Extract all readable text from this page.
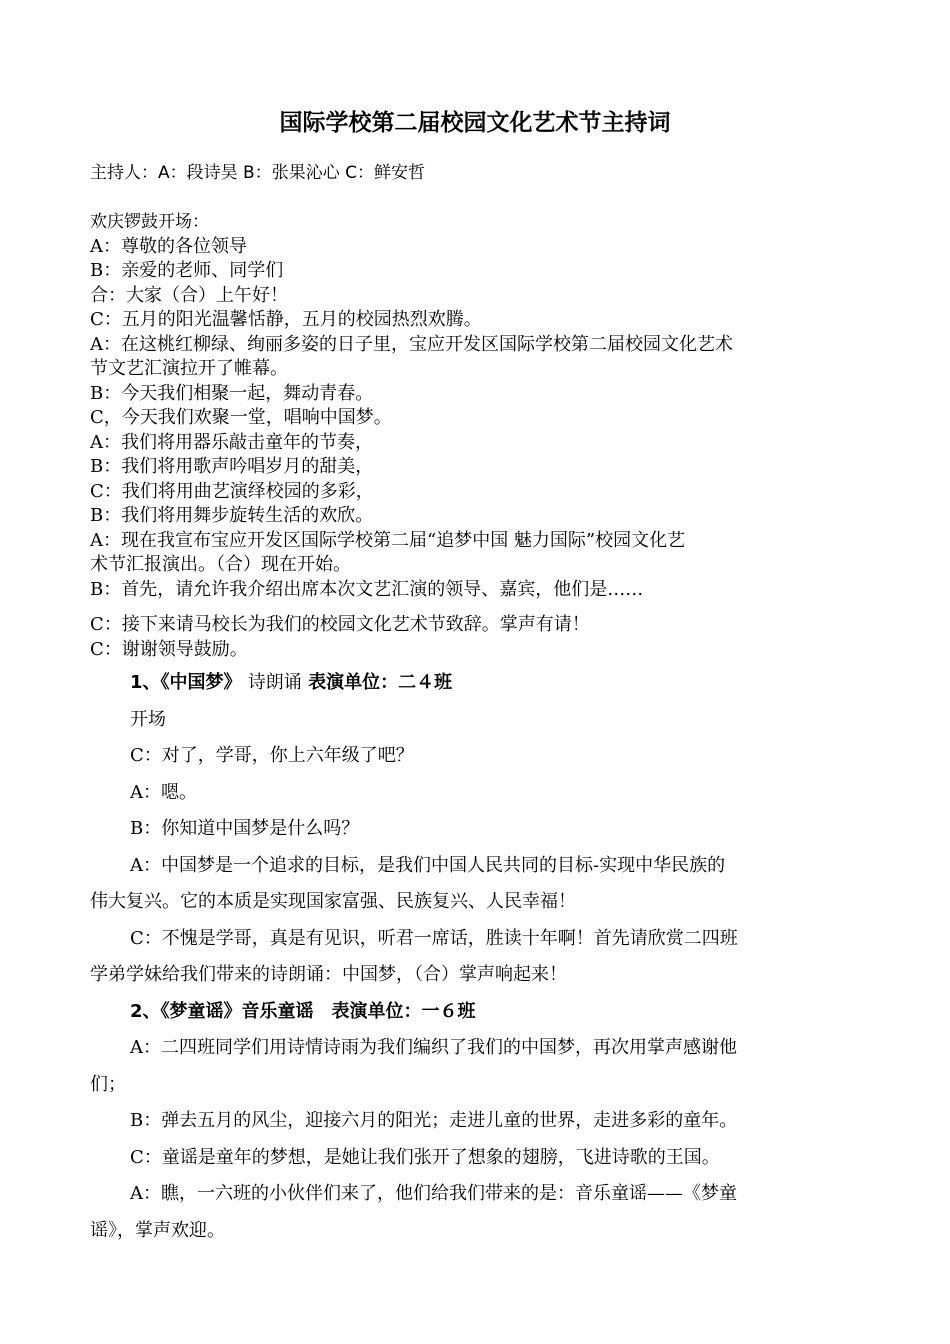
国际学校第二届校园文化艺术节主持词
主持人：A：段诗昊 B：张果沁心 C：鲜安哲
欢庆锣鼓开场：
A：尊敬的各位领导
B：亲爱的老师、同学们
合：大家（合）上午好！
C：五月的阳光温馨恬静，五月的校园热烈欢腾。
A：在这桃红柳绿、绚丽多姿的日子里，宝应开发区国际学校第二届校园文化艺术
节文艺汇演拉开了帷幕。
B：今天我们相聚一起，舞动青春。
C，今天我们欢聚一堂，唱响中国梦。
A：我们将用器乐敲击童年的节奏，
B：我们将用歌声吟唱岁月的甜美，
C：我们将用曲艺演绎校园的多彩，
B：我们将用舞步旋转生活的欢欣。
A：现在我宣布宝应开发区国际学校第二届“追梦中国 魅力国际”校园文化艺
术节汇报演出。（合）现在开始。
B：首先，请允许我介绍出席本次文艺汇演的领导、嘉宾，他们是……
C：接下来请马校长为我们的校园文化艺术节致辞。掌声有请！
C：谢谢领导鼓励。
1、《中国梦》 诗朗诵 表演单位：二４班
开场
C：对了，学哥，你上六年级了吧？
A：嗯。
B：你知道中国梦是什么吗？
A：中国梦是一个追求的目标，是我们中国人民共同的目标-实现中华民族的
伟大复兴。它的本质是实现国家富强、民族复兴、人民幸福！
C：不愧是学哥，真是有见识，听君一席话，胜读十年啊！首先请欣赏二四班
学弟学妹给我们带来的诗朗诵：中国梦，（合）掌声响起来！
2、《梦童谣》音乐童谣　表演单位：一６班
A：二四班同学们用诗情诗雨为我们编织了我们的中国梦，再次用掌声感谢他
们；
B：弹去五月的风尘，迎接六月的阳光；走进儿童的世界，走进多彩的童年。
C：童谣是童年的梦想，是她让我们张开了想象的翅膀，飞进诗歌的王国。
A：瞧，一六班的小伙伴们来了，他们给我们带来的是：音乐童谣——《梦童
谣》，掌声欢迎。
